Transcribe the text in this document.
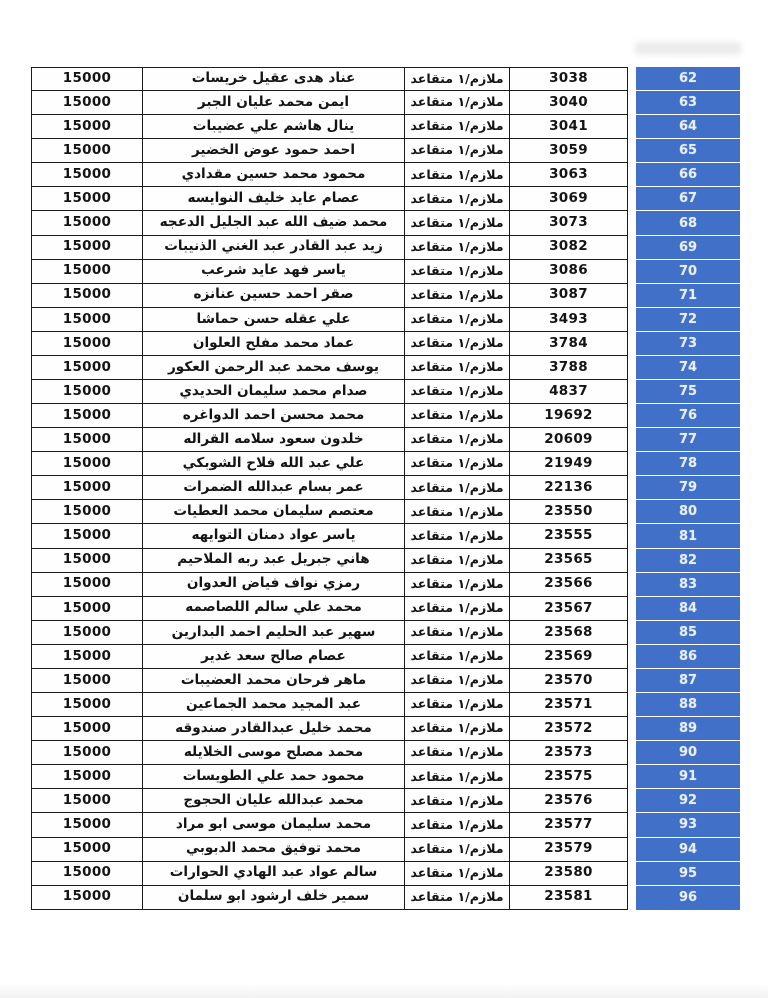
15000	عناد هدى عقيل خريسات	ملازم/١ متقاعد	3038	62
15000	ايمن محمد عليان الجبر	ملازم/١ متقاعد	3040	63
15000	ينال هاشم علي عضيبات	ملازم/١ متقاعد	3041	64
15000	احمد حمود عوض الخضير	ملازم/١ متقاعد	3059	65
15000	محمود محمد حسين مقدادي	ملازم/١ متقاعد	3063	66
15000	عصام عايد خليف النوايسه	ملازم/١ متقاعد	3069	67
15000	محمد ضيف الله عبد الجليل الدعجه	ملازم/١ متقاعد	3073	68
15000	زيد عبد القادر عبد الغني الذنيبات	ملازم/١ متقاعد	3082	69
15000	ياسر فهد عايد شرعب	ملازم/١ متقاعد	3086	70
15000	صقر احمد حسين عنانزه	ملازم/١ متقاعد	3087	71
15000	علي عقله حسن حماشا	ملازم/١ متقاعد	3493	72
15000	عماد محمد مفلح العلوان	ملازم/١ متقاعد	3784	73
15000	يوسف محمد عبد الرحمن العكور	ملازم/١ متقاعد	3788	74
15000	صدام محمد سليمان الحديدي	ملازم/١ متقاعد	4837	75
15000	محمد محسن احمد الدواغره	ملازم/١ متقاعد	19692	76
15000	خلدون سعود سلامه القراله	ملازم/١ متقاعد	20609	77
15000	علي عبد الله فلاح الشوبكي	ملازم/١ متقاعد	21949	78
15000	عمر بسام عبدالله الضمرات	ملازم/١ متقاعد	22136	79
15000	معتصم سليمان محمد العطيات	ملازم/١ متقاعد	23550	80
15000	ياسر عواد دمنان التوايهه	ملازم/١ متقاعد	23555	81
15000	هاني جبريل عبد ربه الملاحيم	ملازم/١ متقاعد	23565	82
15000	رمزي نواف فياض العدوان	ملازم/١ متقاعد	23566	83
15000	محمد علي سالم اللصاصمه	ملازم/١ متقاعد	23567	84
15000	سهير عبد الحليم احمد البدارين	ملازم/١ متقاعد	23568	85
15000	عصام صالح سعد غدير	ملازم/١ متقاعد	23569	86
15000	ماهر فرحان محمد العضيبات	ملازم/١ متقاعد	23570	87
15000	عبد المجيد محمد الجماعين	ملازم/١ متقاعد	23571	88
15000	محمد خليل عبدالقادر صندوقه	ملازم/١ متقاعد	23572	89
15000	محمد مصلح موسى الخلايله	ملازم/١ متقاعد	23573	90
15000	محمود حمد علي الطويسات	ملازم/١ متقاعد	23575	91
15000	محمد عبدالله عليان الحجوج	ملازم/١ متقاعد	23576	92
15000	محمد سليمان موسى ابو مراد	ملازم/١ متقاعد	23577	93
15000	محمد توفيق محمد الدبوبي	ملازم/١ متقاعد	23579	94
15000	سالم عواد عبد الهادي الحوارات	ملازم/١ متقاعد	23580	95
15000	سمير خلف ارشود ابو سلمان	ملازم/١ متقاعد	23581	96
